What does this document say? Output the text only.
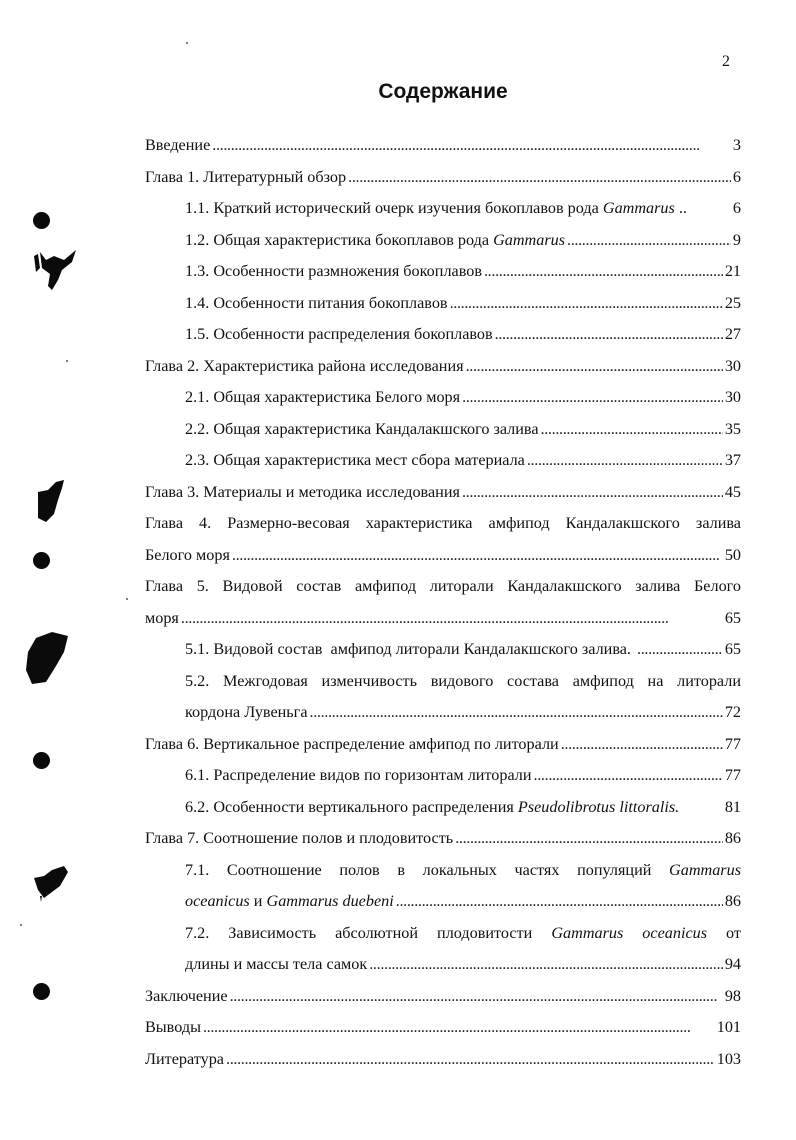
2
Содержание
Введение . . .	3
Глава 1. Литературный обзор . . .	6
1.1. Краткий исторический очерк изучения бокоплавов рода Gammarus ..	6
1.2. Общая характеристика бокоплавов рода Gammarus . . .	9
1.3. Особенности размножения бокоплавов . . .	21
1.4. Особенности питания бокоплавов . . .	25
1.5. Особенности распределения бокоплавов . . .	27
Глава 2. Характеристика района исследования . . .	30
2.1. Общая характеристика Белого моря . . .	30
2.2. Общая характеристика Кандалакшского залива . . .	35
2.3. Общая характеристика мест сбора материала . . .	37
Глава 3. Материалы и методика исследования . . .	45
Глава 4. Размерно-весовая характеристика амфипод Кандалакшского залива
Белого моря . . .	50
Глава 5. Видовой состав амфипод литорали Кандалакшского залива Белого
моря . . .	65
5.1. Видовой состав  амфипод литорали Кандалакшского залива. . . .	65
5.2. Межгодовая изменчивость видового состава амфипод на литорали
кордона Лувеньга . . .	72
Глава 6. Вертикальное распределение амфипод по литорали . . .	77
6.1. Распределение видов по горизонтам литорали . . .	77
6.2. Особенности вертикального распределения Pseudolibrotus littoralis.	81
Глава 7. Соотношение полов и плодовитость . . .	86
7.1. Соотношение полов в локальных частях популяций Gammarus
oceanicus и Gammarus duebeni . . .	86
7.2. Зависимость абсолютной плодовитости Gammarus oceanicus от
длины и массы тела самок . . .	94
Заключение . . .	98
Выводы . . .	101
Литература . . .	103
